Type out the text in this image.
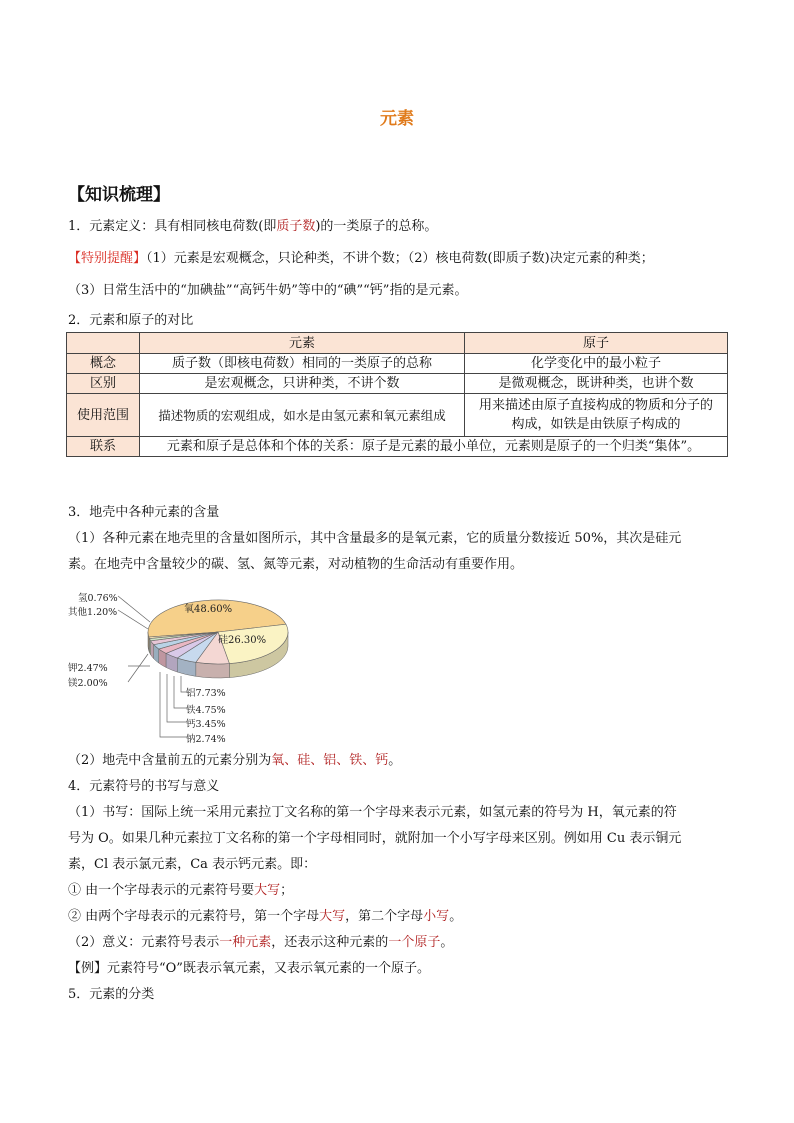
元素
【知识梳理】
1．元素定义：具有相同核电荷数(即质子数)的一类原子的总称。
【特别提醒】（1）元素是宏观概念，只论种类，不讲个数；（2）核电荷数(即质子数)决定元素的种类；
（3）日常生活中的“加碘盐”“高钙牛奶”等中的“碘”“钙”指的是元素。
2．元素和原子的对比
	元素	原子
概念	质子数（即核电荷数）相同的一类原子的总称	化学变化中的最小粒子
区别	是宏观概念，只讲种类，不讲个数	是微观概念，既讲种类，也讲个数
使用范围	描述物质的宏观组成，如水是由氢元素和氧元素组成	用来描述由原子直接构成的物质和分子的构成，如铁是由铁原子构成的
联系	元素和原子是总体和个体的关系：原子是元素的最小单位，元素则是原子的一个归类“集体”。	
3．地壳中各种元素的含量
（1）各种元素在地壳里的含量如图所示，其中含量最多的是氧元素，它的质量分数接近 50%，其次是硅元
素。在地壳中含量较少的碳、氢、氮等元素，对动植物的生命活动有重要作用。
氧48.60%
硅26.30%
铝7.73%
铁4.75%
钙3.45%
钠2.74%
钾2.47%
镁2.00%
其他1.20%
氢0.76%
（2）地壳中含量前五的元素分别为氧、硅、铝、铁、钙。
4．元素符号的书写与意义
（1）书写：国际上统一采用元素拉丁文名称的第一个字母来表示元素，如氢元素的符号为 H，氧元素的符
号为 O。如果几种元素拉丁文名称的第一个字母相同时，就附加一个小写字母来区别。例如用 Cu 表示铜元
素，Cl 表示氯元素，Ca 表示钙元素。即：
① 由一个字母表示的元素符号要大写；
② 由两个字母表示的元素符号，第一个字母大写，第二个字母小写。
（2）意义：元素符号表示一种元素，还表示这种元素的一个原子。
【例】元素符号“O”既表示氧元素，又表示氧元素的一个原子。
5．元素的分类
